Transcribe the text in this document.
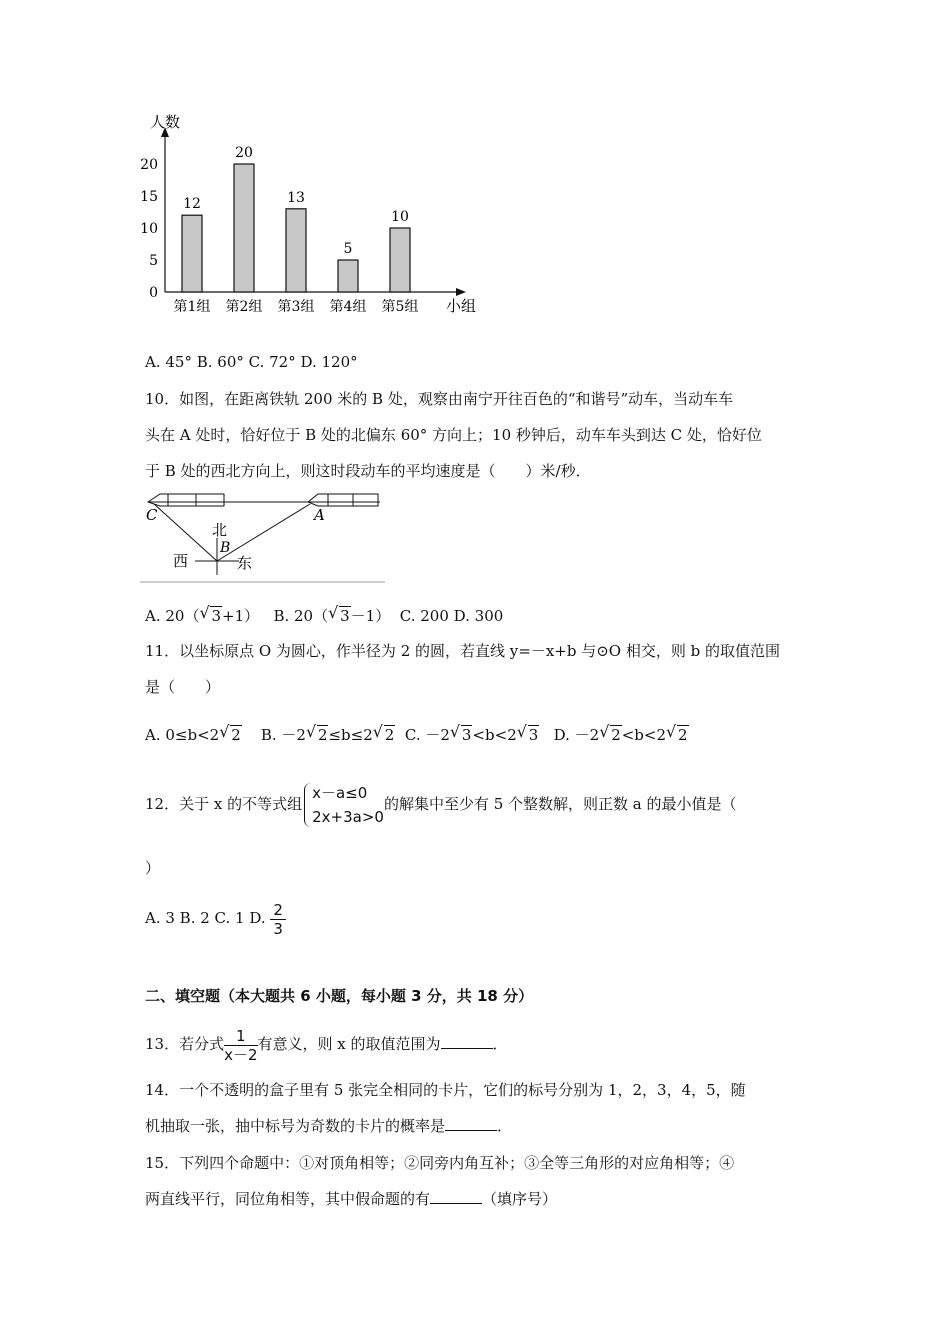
人数
小组
0
5
10
15
20
12
第1组
20
第2组
13
第3组
5
第4组
10
第5组
A. 45° B. 60° C. 72° D. 120°
10．如图，在距离铁轨 200 米的 B 处，观察由南宁开往百色的“和谐号”动车，当动车车
头在 A 处时，恰好位于 B 处的北偏东 60° 方向上；10 秒钟后，动车车头到达 C 处，恰好位
于 B 处的西北方向上，则这时段动车的平均速度是（　　）米/秒．
C	A
北
B
西	东
A. 20（ √ 3+1） B. 20（ √ 3－1） C. 200 D. 300
11．以坐标原点 O 为圆心，作半径为 2 的圆，若直线 y=－x+b 与⊙O 相交，则 b 的取值范围
是（　　）
A. 0≤b<2 √ 2 B. －2 √ 2≤b≤2 √ 2 C. －2 √ 3<b<2 √ 3 D. －2 √ 2<b<2 √ 2
12．关于 x 的不等式组
x－a≤0
2x+3a>0
的解集中至少有 5 个整数解，则正数 a 的最小值是（
）
A. 3 B. 2 C. 1 D. $\frac{2}{3}$
二、填空题（本大题共 6 小题，每小题 3 分，共 18 分）
13．若分式 $\frac{1}{x-2}$ 有意义，则 x 的取值范围为	．
14．一个不透明的盒子里有 5 张完全相同的卡片，它们的标号分别为 1，2，3，4，5，随
机抽取一张，抽中标号为奇数的卡片的概率是	．
15．下列四个命题中：①对顶角相等；②同旁内角互补；③全等三角形的对应角相等；④
两直线平行，同位角相等，其中假命题的有	（填序号）
